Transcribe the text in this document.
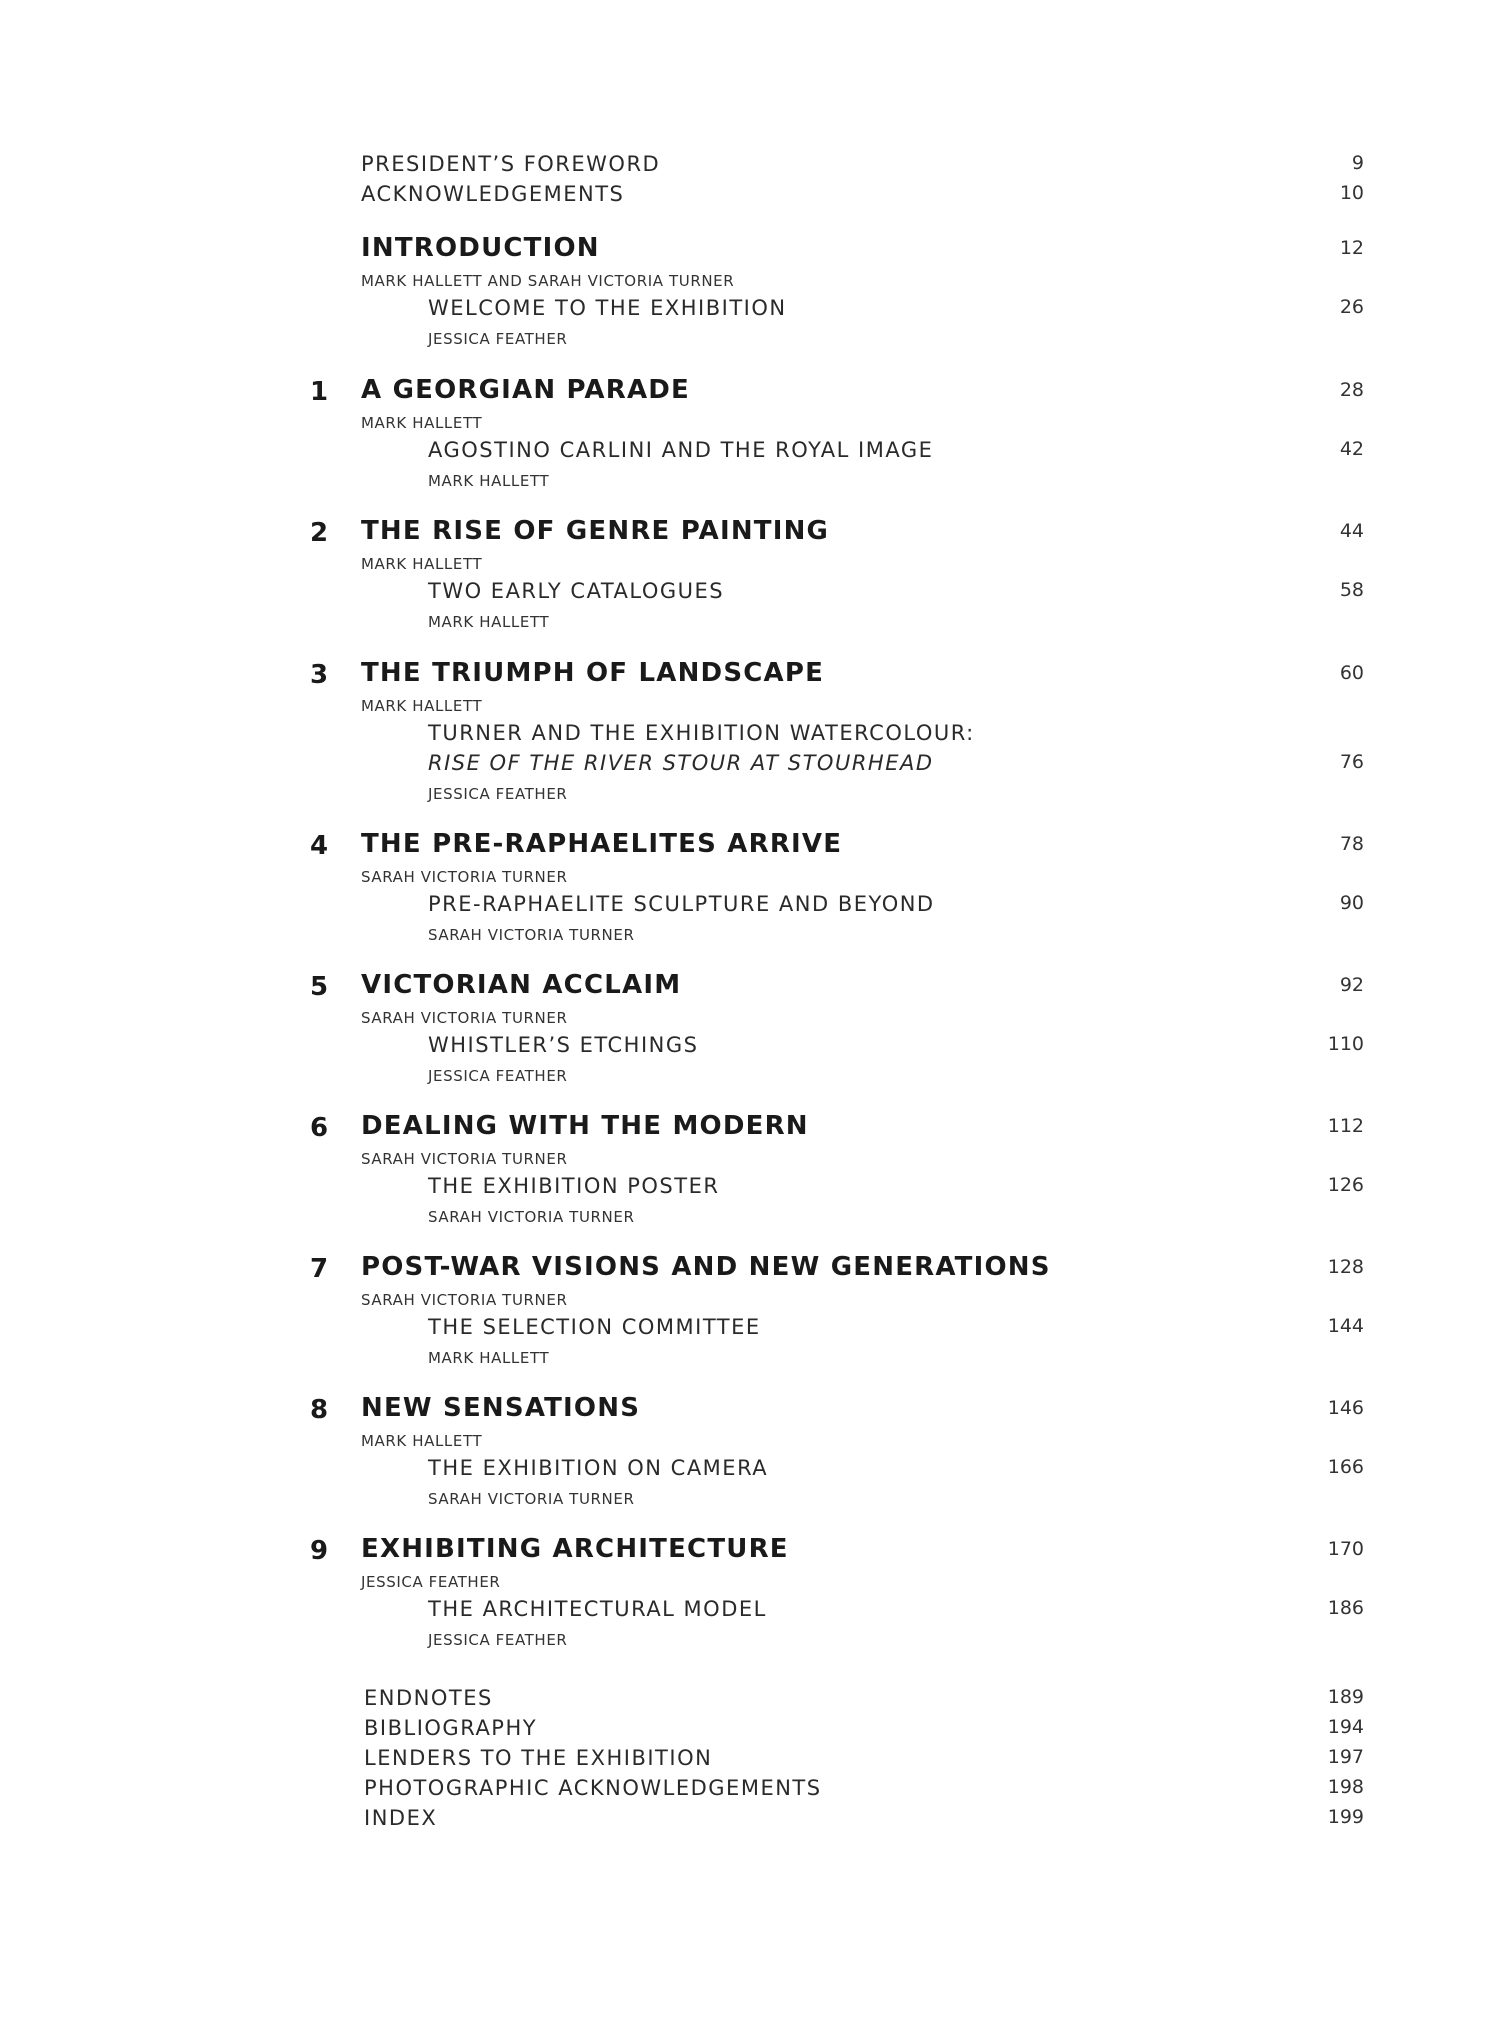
PRESIDENT’S FOREWORD	9
ACKNOWLEDGEMENTS	10
INTRODUCTION	12
MARK HALLETT AND SARAH VICTORIA TURNER
WELCOME TO THE EXHIBITION	26
JESSICA FEATHER
1 A GEORGIAN PARADE	28
MARK HALLETT
AGOSTINO CARLINI AND THE ROYAL IMAGE	42
MARK HALLETT
2 THE RISE OF GENRE PAINTING	44
MARK HALLETT
TWO EARLY CATALOGUES	58
MARK HALLETT
3 THE TRIUMPH OF LANDSCAPE	60
MARK HALLETT
TURNER AND THE EXHIBITION WATERCOLOUR:
RISE OF THE RIVER STOUR AT STOURHEAD	76
JESSICA FEATHER
4 THE PRE-RAPHAELITES ARRIVE	78
SARAH VICTORIA TURNER
PRE-RAPHAELITE SCULPTURE AND BEYOND	90
SARAH VICTORIA TURNER
5 VICTORIAN ACCLAIM	92
SARAH VICTORIA TURNER
WHISTLER’S ETCHINGS	110
JESSICA FEATHER
6 DEALING WITH THE MODERN	112
SARAH VICTORIA TURNER
THE EXHIBITION POSTER	126
SARAH VICTORIA TURNER
7 POST-WAR VISIONS AND NEW GENERATIONS	128
SARAH VICTORIA TURNER
THE SELECTION COMMITTEE	144
MARK HALLETT
8 NEW SENSATIONS	146
MARK HALLETT
THE EXHIBITION ON CAMERA	166
SARAH VICTORIA TURNER
9 EXHIBITING ARCHITECTURE	170
JESSICA FEATHER
THE ARCHITECTURAL MODEL	186
JESSICA FEATHER
ENDNOTES	189
BIBLIOGRAPHY	194
LENDERS TO THE EXHIBITION	197
PHOTOGRAPHIC ACKNOWLEDGEMENTS	198
INDEX	199
